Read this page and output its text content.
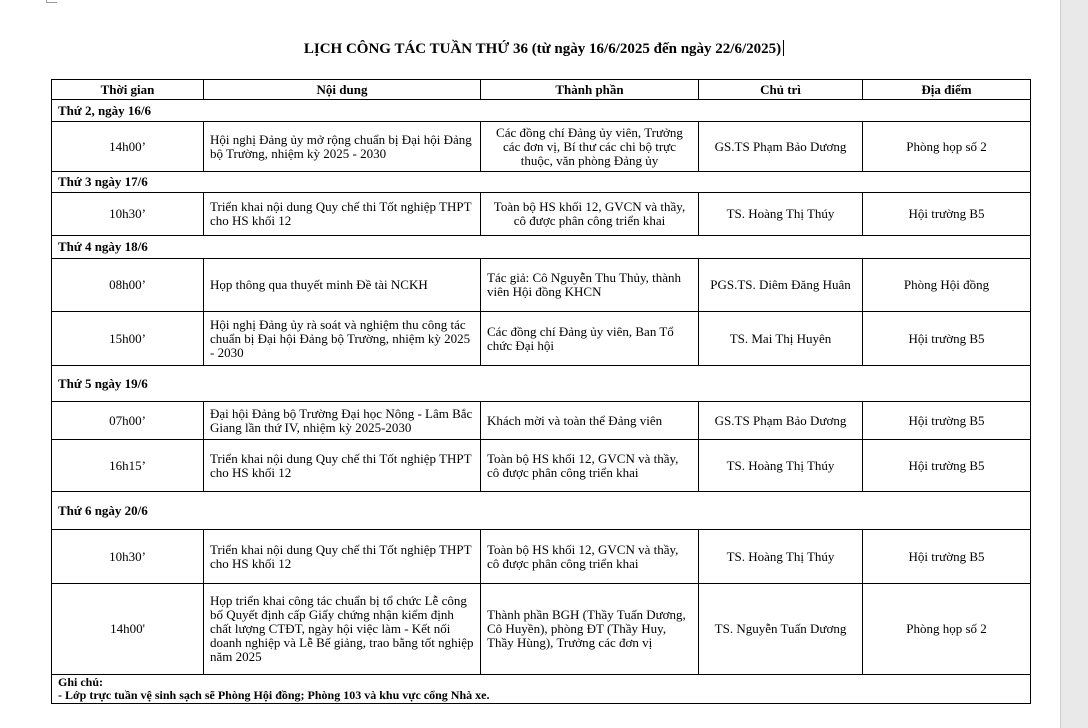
LỊCH CÔNG TÁC TUẦN THỨ 36 (từ ngày 16/6/2025 đến ngày 22/6/2025)
Thời gian	Nội dung	Thành phần	Chủ trì	Địa điểm
Thứ 2, ngày 16/6				
14h00’	Hội nghị Đảng ủy mở rộng chuẩn bị Đại hội Đảng bộ Trường, nhiệm kỳ 2025 - 2030	Các đồng chí Đảng ủy viên, Trưởng các đơn vị, Bí thư các chi bộ trực thuộc, văn phòng Đảng ủy	GS.TS Phạm Bảo Dương	Phòng họp số 2
Thứ 3 ngày 17/6				
10h30’	Triển khai nội dung Quy chế thi Tốt nghiệp THPT cho HS khối 12	Toàn bộ HS khối 12, GVCN và thầy, cô được phân công triển khai	TS. Hoàng Thị Thúy	Hội trường B5
Thứ 4 ngày 18/6				
08h00’	Họp thông qua thuyết minh Đề tài NCKH	Tác giả: Cô Nguyễn Thu Thủy, thành viên Hội đồng KHCN	PGS.TS. Diêm Đăng Huân	Phòng Hội đồng
15h00’	Hội nghị Đảng ủy rà soát và nghiệm thu công tác chuẩn bị Đại hội Đảng bộ Trường, nhiệm kỳ 2025 - 2030	Các đồng chí Đảng ủy viên, Ban Tổ chức Đại hội	TS. Mai Thị Huyên	Hội trường B5
Thứ 5 ngày 19/6				
07h00’	Đại hội Đảng bộ Trường Đại học Nông - Lâm Bắc Giang lần thứ IV, nhiệm kỳ 2025-2030	Khách mời và toàn thể Đảng viên	GS.TS Phạm Bảo Dương	Hội trường B5
16h15’	Triển khai nội dung Quy chế thi Tốt nghiệp THPT cho HS khối 12	Toàn bộ HS khối 12, GVCN và thầy, cô được phân công triển khai	TS. Hoàng Thị Thúy	Hội trường B5
Thứ 6 ngày 20/6				
10h30’	Triển khai nội dung Quy chế thi Tốt nghiệp THPT cho HS khối 12	Toàn bộ HS khối 12, GVCN và thầy, cô được phân công triển khai	TS. Hoàng Thị Thúy	Hội trường B5
14h00'	Họp triển khai công tác chuẩn bị tổ chức Lễ công bố Quyết định cấp Giấy chứng nhận kiểm định chất lượng CTĐT, ngày hội việc làm - Kết nối doanh nghiệp và Lễ Bế giảng, trao bằng tốt nghiệp năm 2025	Thành phần BGH (Thầy Tuấn Dương, Cô Huyền), phòng ĐT (Thầy Huy, Thầy Hùng), Trưởng các đơn vị	TS. Nguyễn Tuấn Dương	Phòng họp số 2

Ghi chú:
- Lớp trực tuần vệ sinh sạch sẽ Phòng Hội đồng; Phòng 103 và khu vực cổng Nhà xe.				
